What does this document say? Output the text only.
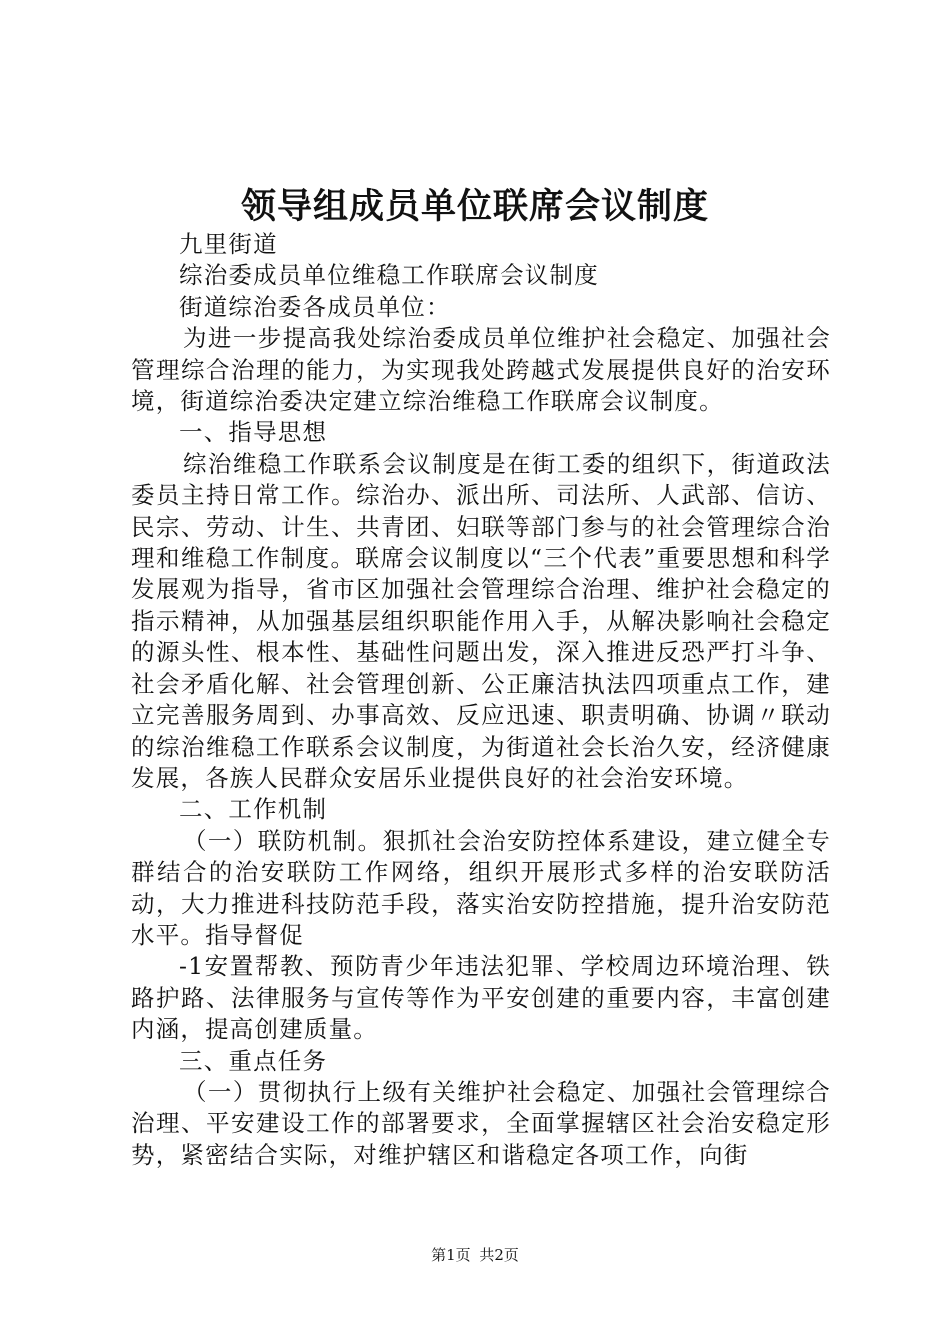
领导组成员单位联席会议制度

九里街道

综治委成员单位维稳工作联席会议制度

街道综治委各成员单位：

为进一步提高我处综治委成员单位维护社会稳定、加强社会管理综合治理的能力，为实现我处跨越式发展提供良好的治安环境，街道综治委决定建立综治维稳工作联席会议制度。

一、指导思想

综治维稳工作联系会议制度是在街工委的组织下，街道政法委员主持日常工作。综治办、派出所、司法所、人武部、信访、民宗、劳动、计生、共青团、妇联等部门参与的社会管理综合治理和维稳工作制度。联席会议制度以“三个代表”重要思想和科学发展观为指导，省市区加强社会管理综合治理、维护社会稳定的指示精神，从加强基层组织职能作用入手，从解决影响社会稳定的源头性、根本性、基础性问题出发，深入推进反恐严打斗争、社会矛盾化解、社会管理创新、公正廉洁执法四项重点工作，建立完善服务周到、办事高效、反应迅速、职责明确、协调〃联动的综治维稳工作联系会议制度，为街道社会长治久安，经济健康发展，各族人民群众安居乐业提供良好的社会治安环境。

二、工作机制

（一）联防机制。狠抓社会治安防控体系建设，建立健全专群结合的治安联防工作网络，组织开展形式多样的治安联防活动，大力推进科技防范手段，落实治安防控措施，提升治安防范水平。指导督促

-1安置帮教、预防青少年违法犯罪、学校周边环境治理、铁路护路、法律服务与宣传等作为平安创建的重要内容，丰富创建内涵，提高创建质量。

三、重点任务

（一）贯彻执行上级有关维护社会稳定、加强社会管理综合治理、平安建设工作的部署要求，全面掌握辖区社会治安稳定形势，紧密结合实际，对维护辖区和谐稳定各项工作，向街

第1页 共2页
